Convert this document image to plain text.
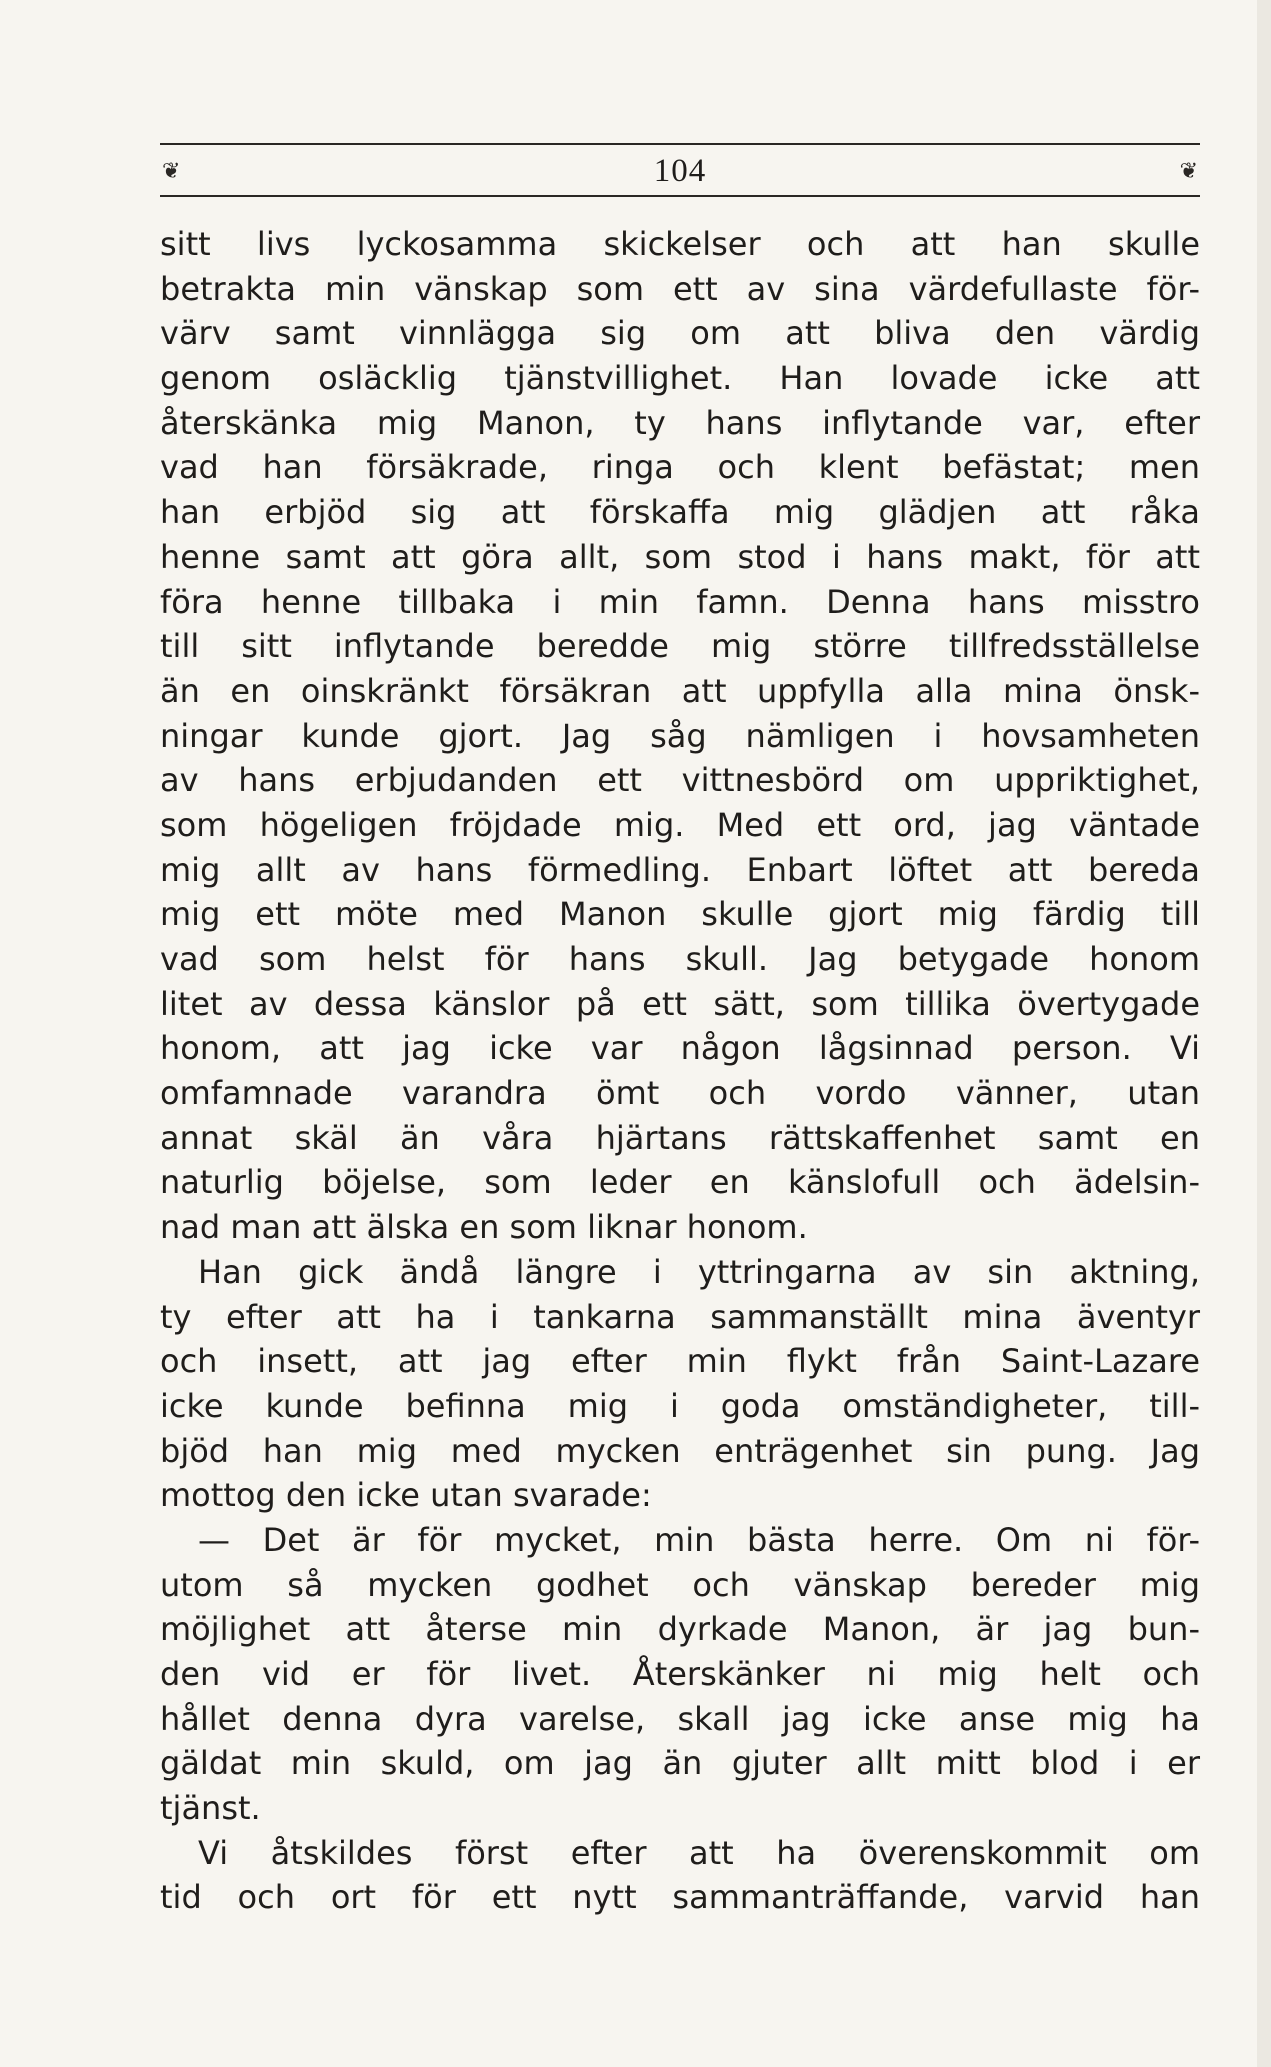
❦	104	❦
sitt livs lyckosamma skickelser och att han skulle
betrakta min vänskap som ett av sina värdefullaste för-
värv samt vinnlägga sig om att bliva den värdig
genom osläcklig tjänstvillighet. Han lovade icke att
återskänka mig Manon, ty hans inflytande var, efter
vad han försäkrade, ringa och klent befästat; men
han erbjöd sig att förskaffa mig glädjen att råka
henne samt att göra allt, som stod i hans makt, för att
föra henne tillbaka i min famn. Denna hans misstro
till sitt inflytande beredde mig större tillfredsställelse
än en oinskränkt försäkran att uppfylla alla mina önsk-
ningar kunde gjort. Jag såg nämligen i hovsamheten
av hans erbjudanden ett vittnesbörd om uppriktighet,
som högeligen fröjdade mig. Med ett ord, jag väntade
mig allt av hans förmedling. Enbart löftet att bereda
mig ett möte med Manon skulle gjort mig färdig till
vad som helst för hans skull. Jag betygade honom
litet av dessa känslor på ett sätt, som tillika övertygade
honom, att jag icke var någon lågsinnad person. Vi
omfamnade varandra ömt och vordo vänner, utan
annat skäl än våra hjärtans rättskaffenhet samt en
naturlig böjelse, som leder en känslofull och ädelsin-
nad man att älska en som liknar honom.
Han gick ändå längre i yttringarna av sin aktning,
ty efter att ha i tankarna sammanställt mina äventyr
och insett, att jag efter min flykt från Saint-Lazare
icke kunde befinna mig i goda omständigheter, till-
bjöd han mig med mycken enträgenhet sin pung. Jag
mottog den icke utan svarade:
— Det är för mycket, min bästa herre. Om ni för-
utom så mycken godhet och vänskap bereder mig
möjlighet att återse min dyrkade Manon, är jag bun-
den vid er för livet. Återskänker ni mig helt och
hållet denna dyra varelse, skall jag icke anse mig ha
gäldat min skuld, om jag än gjuter allt mitt blod i er
tjänst.
Vi åtskildes först efter att ha överenskommit om
tid och ort för ett nytt sammanträffande, varvid han
